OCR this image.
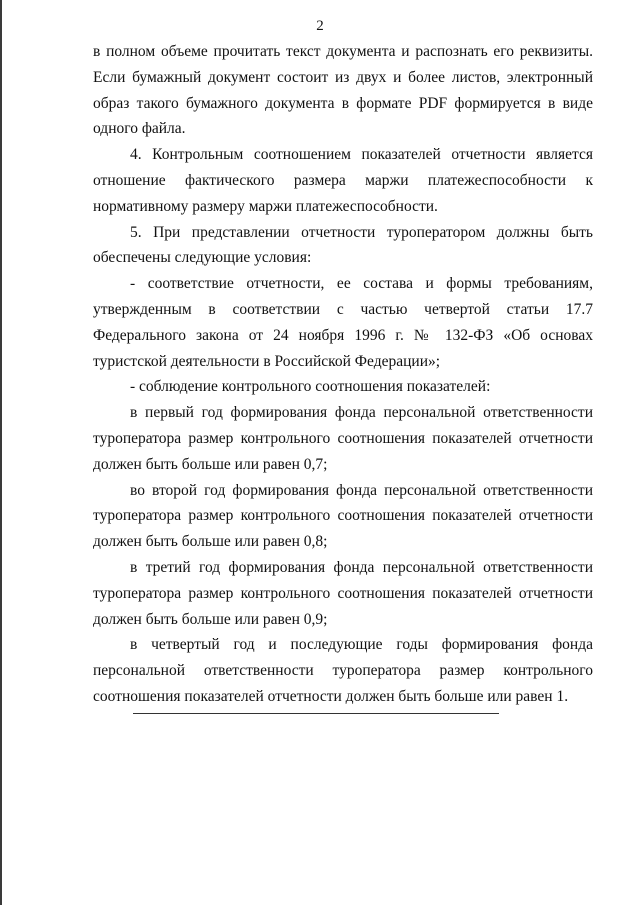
2

в полном объеме прочитать текст документа и распознать его реквизиты. Если бумажный документ состоит из двух и более листов, электронный образ такого бумажного документа в формате PDF формируется в виде одного файла.

4. Контрольным соотношением показателей отчетности является отношение фактического размера маржи платежеспособности к нормативному размеру маржи платежеспособности.

5. При представлении отчетности туроператором должны быть обеспечены следующие условия:

- соответствие отчетности, ее состава и формы требованиям, утвержденным в соответствии с частью четвертой статьи 17.7 Федерального закона от 24 ноября 1996 г. № 132-ФЗ «Об основах туристской деятельности в Российской Федерации»;

- соблюдение контрольного соотношения показателей:

в первый год формирования фонда персональной ответственности туроператора размер контрольного соотношения показателей отчетности должен быть больше или равен 0,7;

во второй год формирования фонда персональной ответственности туроператора размер контрольного соотношения показателей отчетности должен быть больше или равен 0,8;

в третий год формирования фонда персональной ответственности туроператора размер контрольного соотношения показателей отчетности должен быть больше или равен 0,9;

в четвертый год и последующие годы формирования фонда персональной ответственности туроператора размер контрольного соотношения показателей отчетности должен быть больше или равен 1.
